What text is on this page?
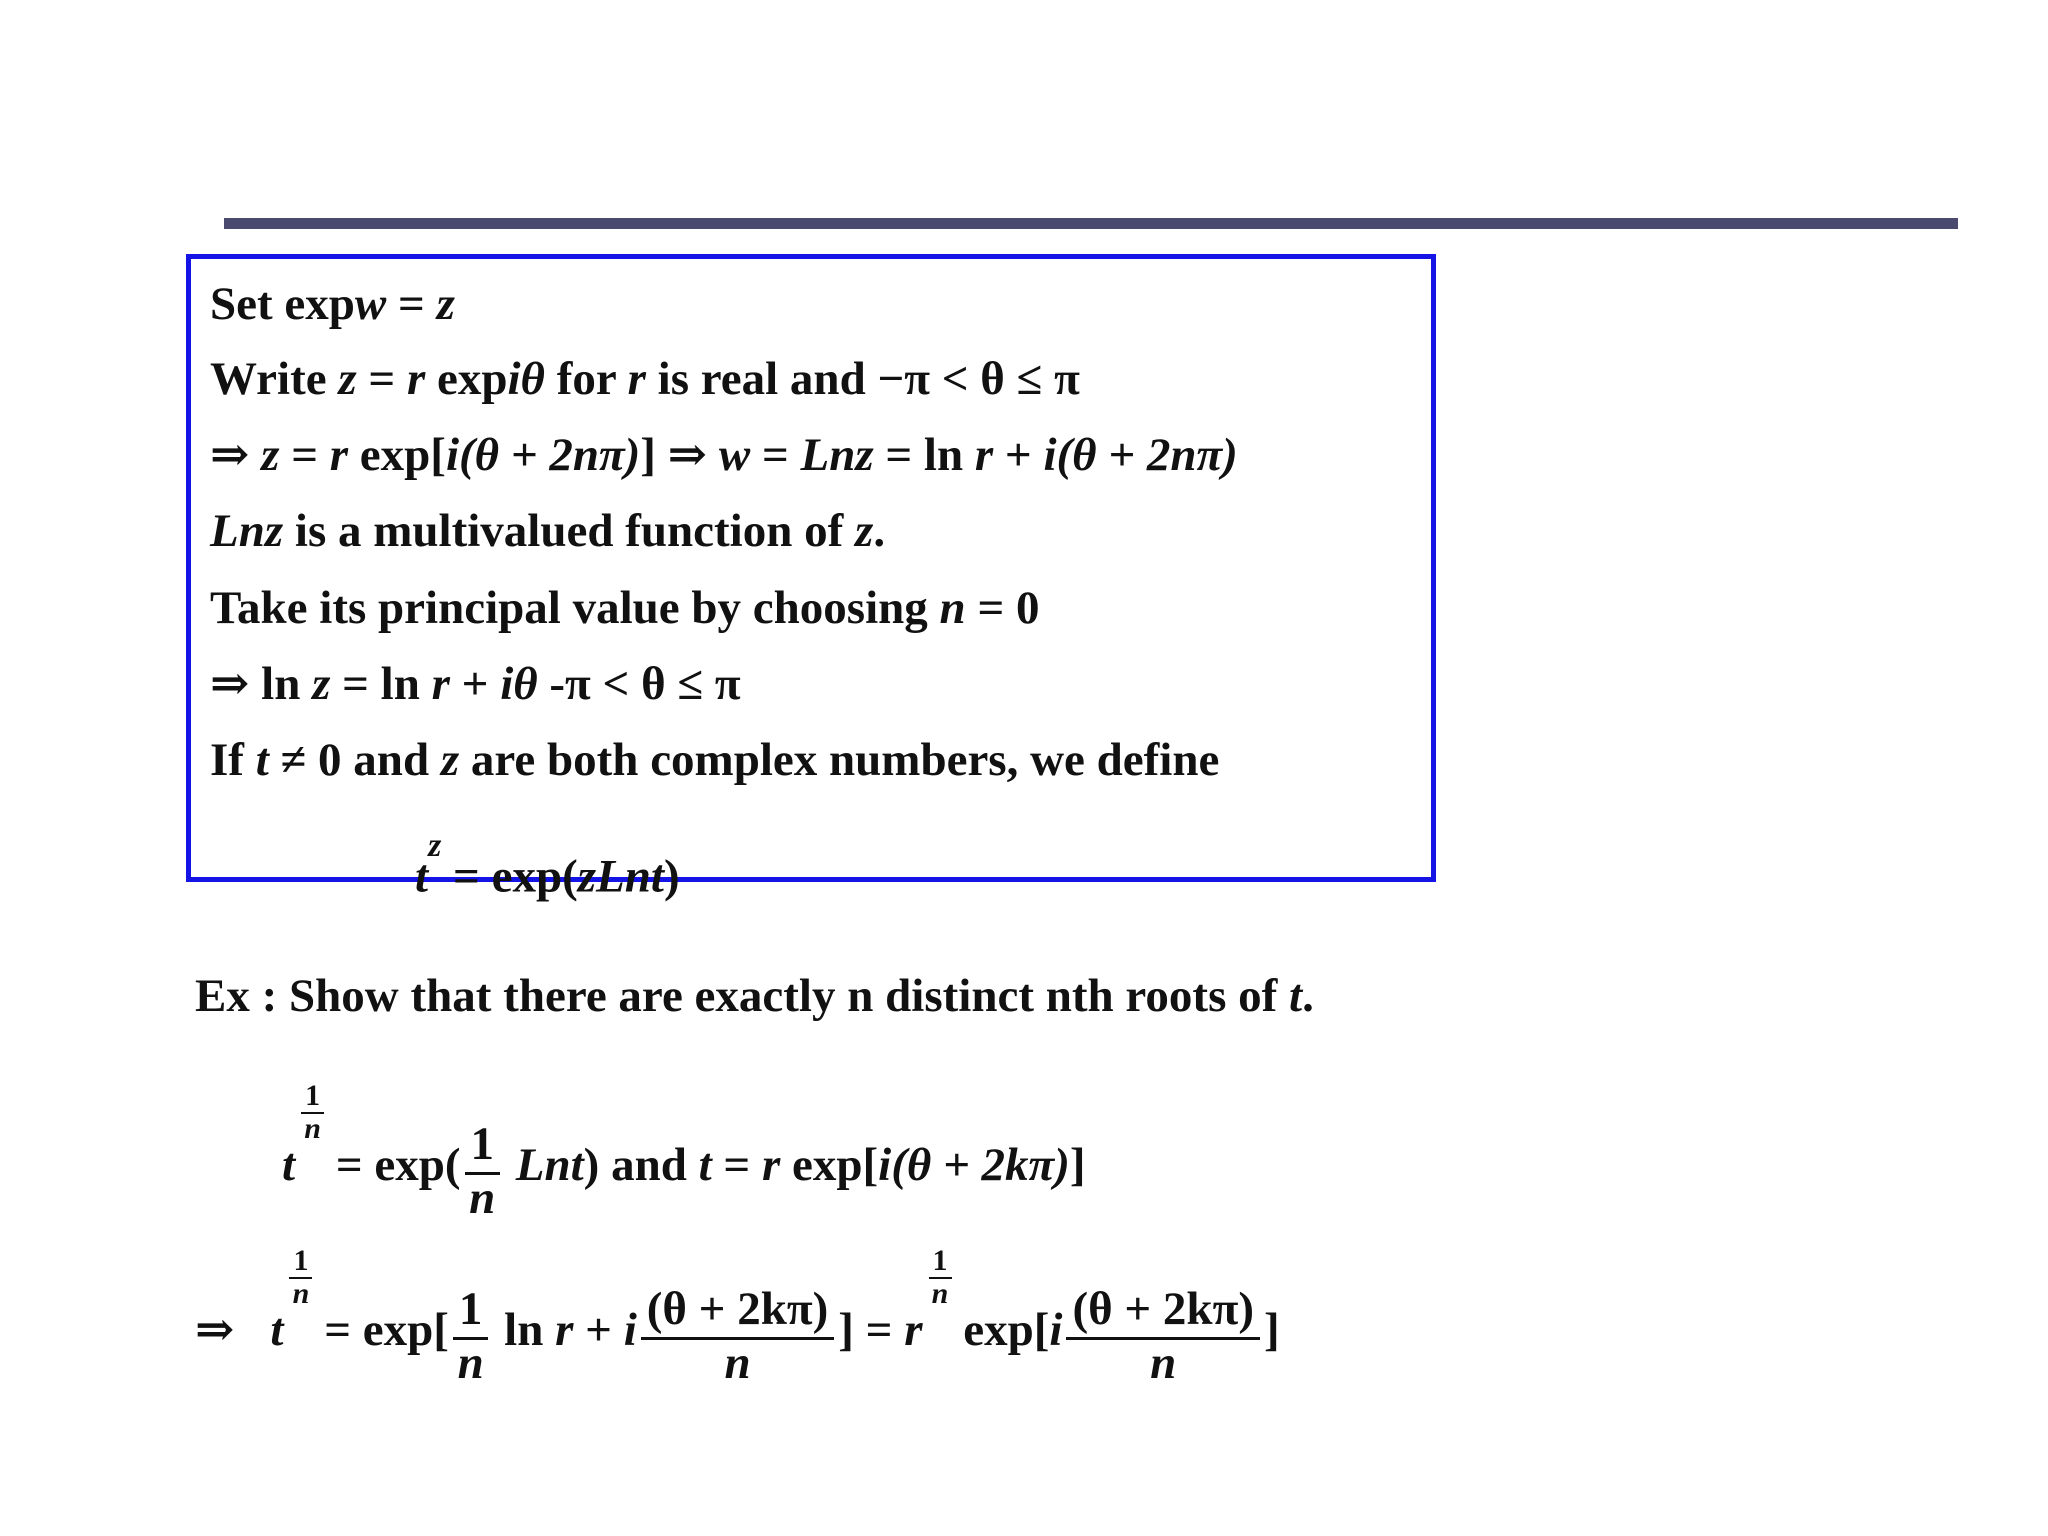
Set expw = z
Write z = r expiθ for r is real and −π < θ ≤ π
⇒ z = r exp[i(θ + 2nπ)] ⇒ w = Lnz = ln r + i(θ + 2nπ)
Lnz is a multivalued function of z.
Take its principal value by choosing n = 0
⇒ ln z = ln r + iθ -π < θ ≤ π
If t ≠ 0 and z are both complex numbers, we define
$t^z$ = exp(zLnt)
Ex : Show that there are exactly n distinct nth roots of t.
t
$\frac{1}{n} = \exp( \frac{1}{n} Lnt)$ and t = r exp[i(θ + 2kπ)]
⇒ t
$\frac{1}{n} = \exp[ \frac{1}{n}$ ln r + i $\frac{(\theta + 2k\pi)}{n}] = r$
$\frac{1}{n} \exp[i \frac{(\theta + 2k\pi)}{n}]$
